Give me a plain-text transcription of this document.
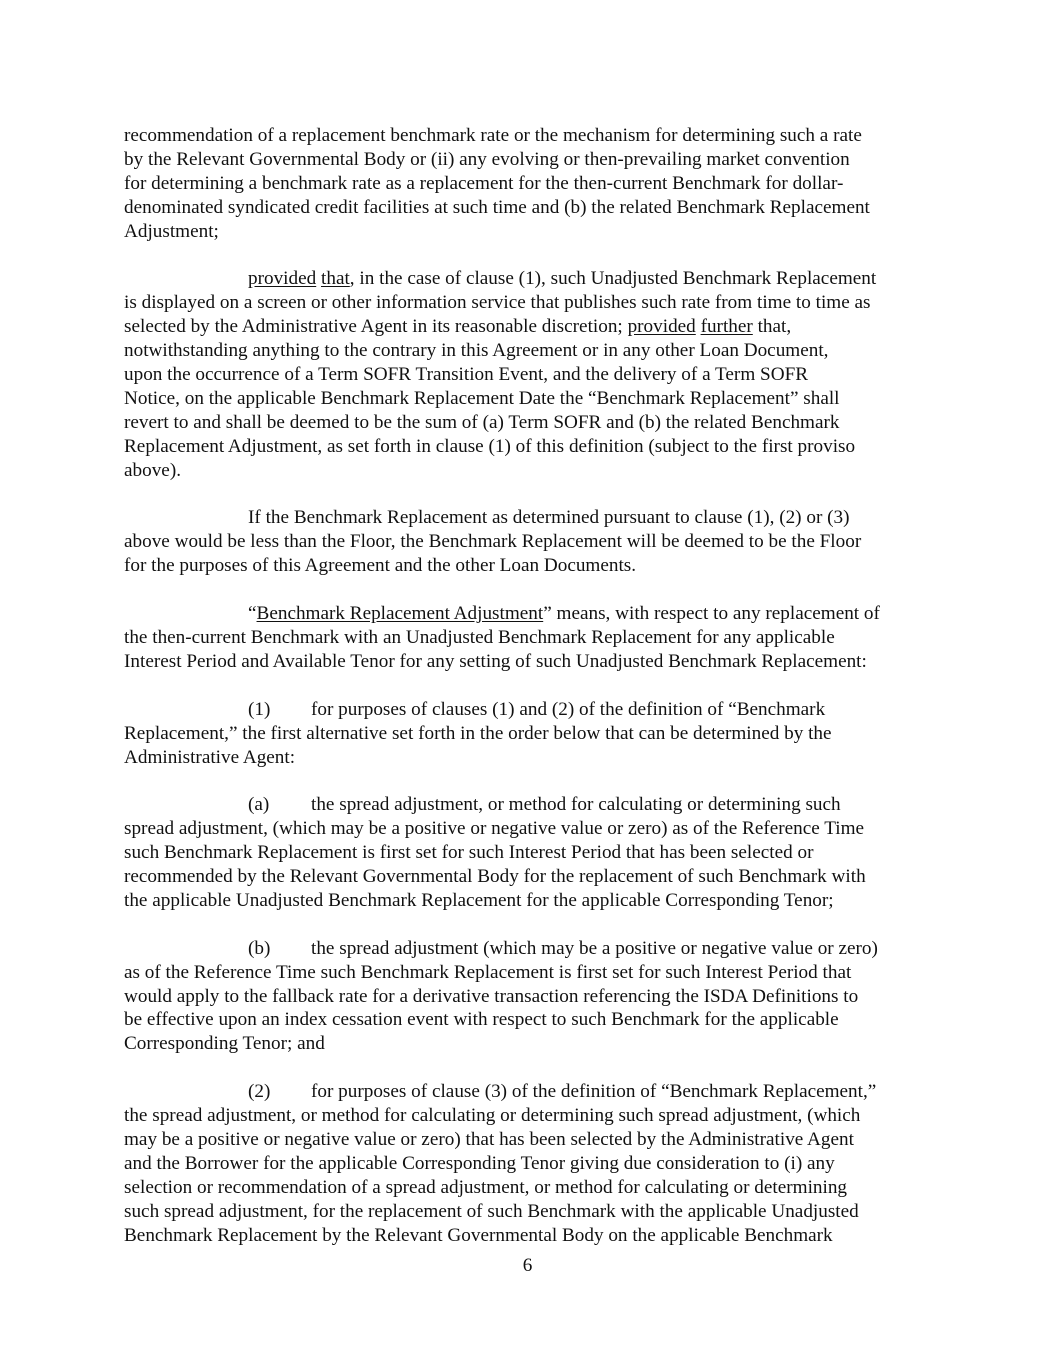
recommendation of a replacement benchmark rate or the mechanism for determining such a rate
by the Relevant Governmental Body or (ii) any evolving or then-prevailing market convention
for determining a benchmark rate as a replacement for the then-current Benchmark for dollar-
denominated syndicated credit facilities at such time and (b) the related Benchmark Replacement
Adjustment;
provided that, in the case of clause (1), such Unadjusted Benchmark Replacement
is displayed on a screen or other information service that publishes such rate from time to time as
selected by the Administrative Agent in its reasonable discretion; provided further that,
notwithstanding anything to the contrary in this Agreement or in any other Loan Document,
upon the occurrence of a Term SOFR Transition Event, and the delivery of a Term SOFR
Notice, on the applicable Benchmark Replacement Date the “Benchmark Replacement” shall
revert to and shall be deemed to be the sum of (a) Term SOFR and (b) the related Benchmark
Replacement Adjustment, as set forth in clause (1) of this definition (subject to the first proviso
above).
If the Benchmark Replacement as determined pursuant to clause (1), (2) or (3)
above would be less than the Floor, the Benchmark Replacement will be deemed to be the Floor
for the purposes of this Agreement and the other Loan Documents.
“Benchmark Replacement Adjustment” means, with respect to any replacement of
the then-current Benchmark with an Unadjusted Benchmark Replacement for any applicable
Interest Period and Available Tenor for any setting of such Unadjusted Benchmark Replacement:
(1) for purposes of clauses (1) and (2) of the definition of “Benchmark
Replacement,” the first alternative set forth in the order below that can be determined by the
Administrative Agent:
(a) the spread adjustment, or method for calculating or determining such
spread adjustment, (which may be a positive or negative value or zero) as of the Reference Time
such Benchmark Replacement is first set for such Interest Period that has been selected or
recommended by the Relevant Governmental Body for the replacement of such Benchmark with
the applicable Unadjusted Benchmark Replacement for the applicable Corresponding Tenor;
(b) the spread adjustment (which may be a positive or negative value or zero)
as of the Reference Time such Benchmark Replacement is first set for such Interest Period that
would apply to the fallback rate for a derivative transaction referencing the ISDA Definitions to
be effective upon an index cessation event with respect to such Benchmark for the applicable
Corresponding Tenor; and
(2) for purposes of clause (3) of the definition of “Benchmark Replacement,”
the spread adjustment, or method for calculating or determining such spread adjustment, (which
may be a positive or negative value or zero) that has been selected by the Administrative Agent
and the Borrower for the applicable Corresponding Tenor giving due consideration to (i) any
selection or recommendation of a spread adjustment, or method for calculating or determining
such spread adjustment, for the replacement of such Benchmark with the applicable Unadjusted
Benchmark Replacement by the Relevant Governmental Body on the applicable Benchmark
6
